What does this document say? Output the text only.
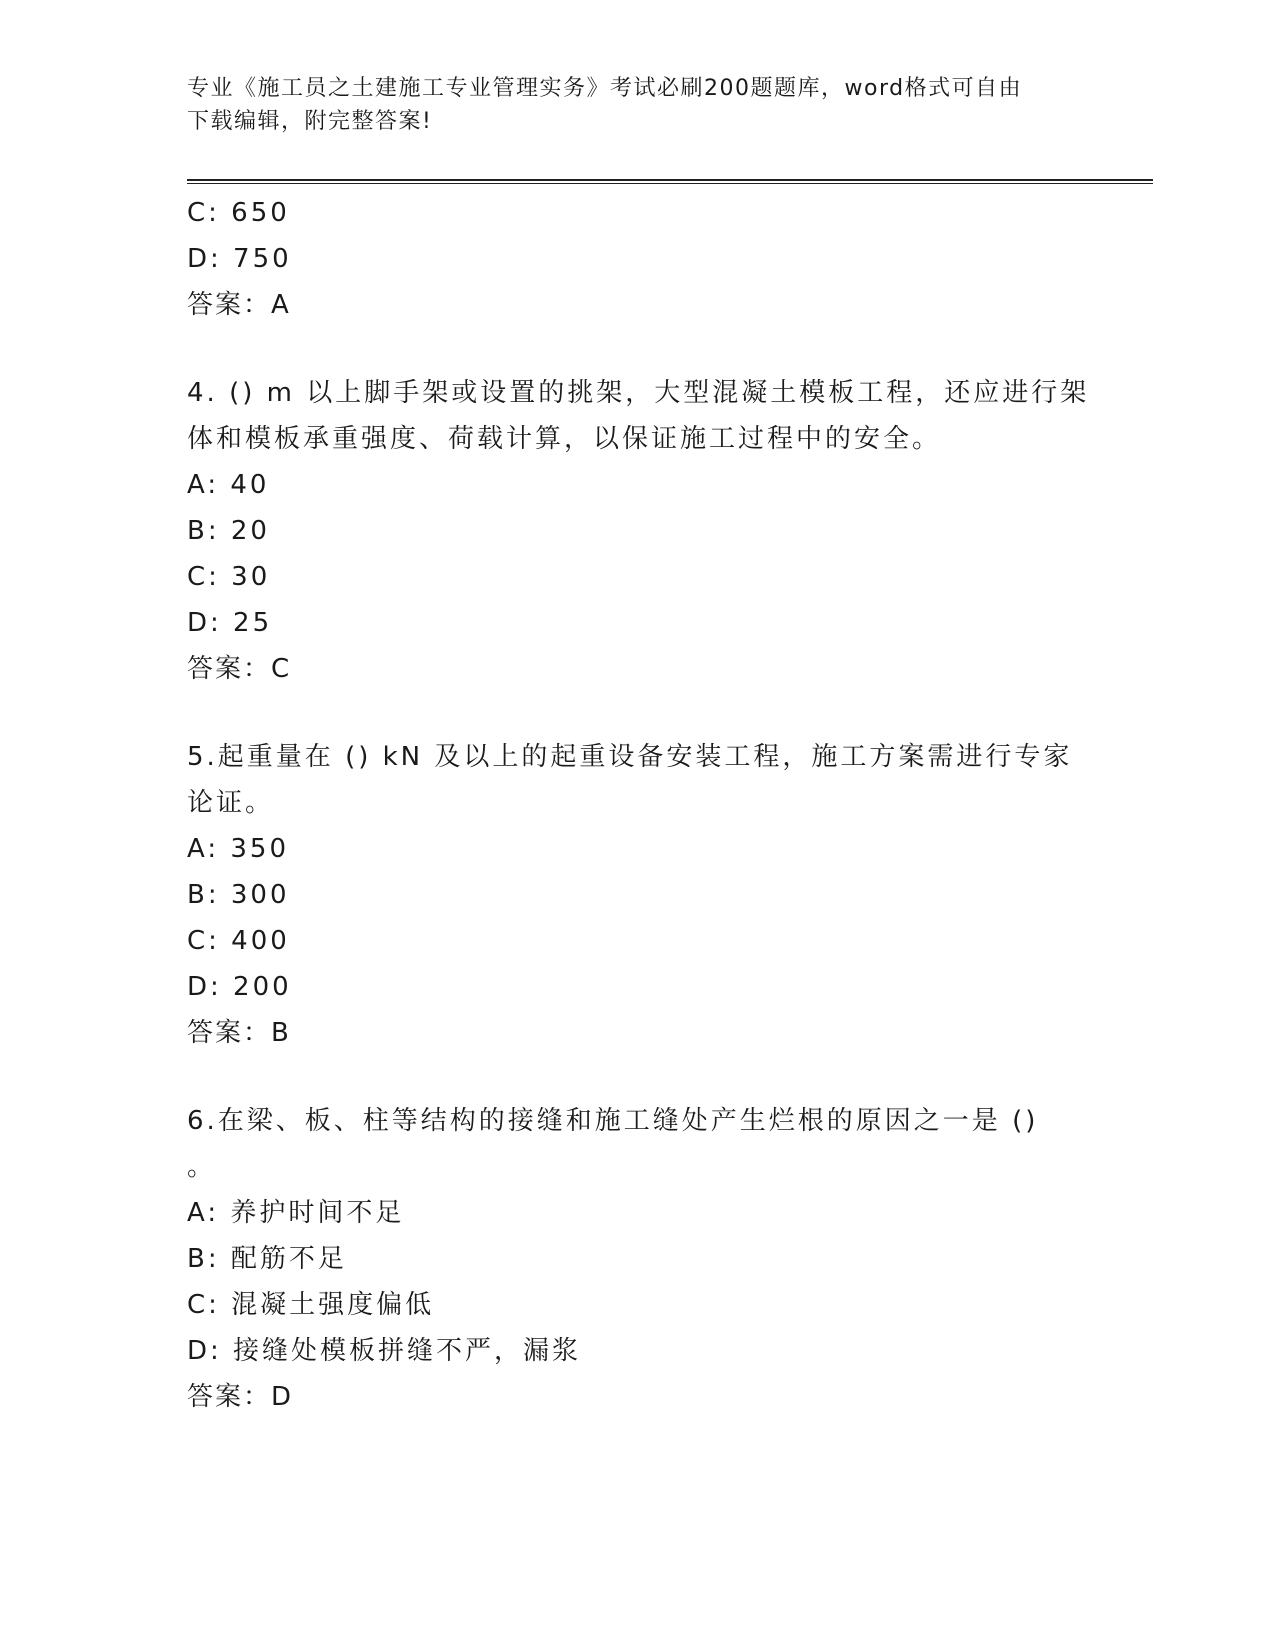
专业《施工员之土建施工专业管理实务》考试必刷200题题库，word格式可自由
下载编辑，附完整答案!
C: 650
D: 750
答案：A
4. () m 以上脚手架或设置的挑架，大型混凝土模板工程，还应进行架
体和模板承重强度、荷载计算，以保证施工过程中的安全。
A: 40
B: 20
C: 30
D: 25
答案：C
5.起重量在 () kN 及以上的起重设备安装工程，施工方案需进行专家
论证。
A: 350
B: 300
C: 400
D: 200
答案：B
6.在梁、板、柱等结构的接缝和施工缝处产生烂根的原因之一是 ()
。
A: 养护时间不足
B: 配筋不足
C: 混凝土强度偏低
D: 接缝处模板拼缝不严，漏浆
答案：D
